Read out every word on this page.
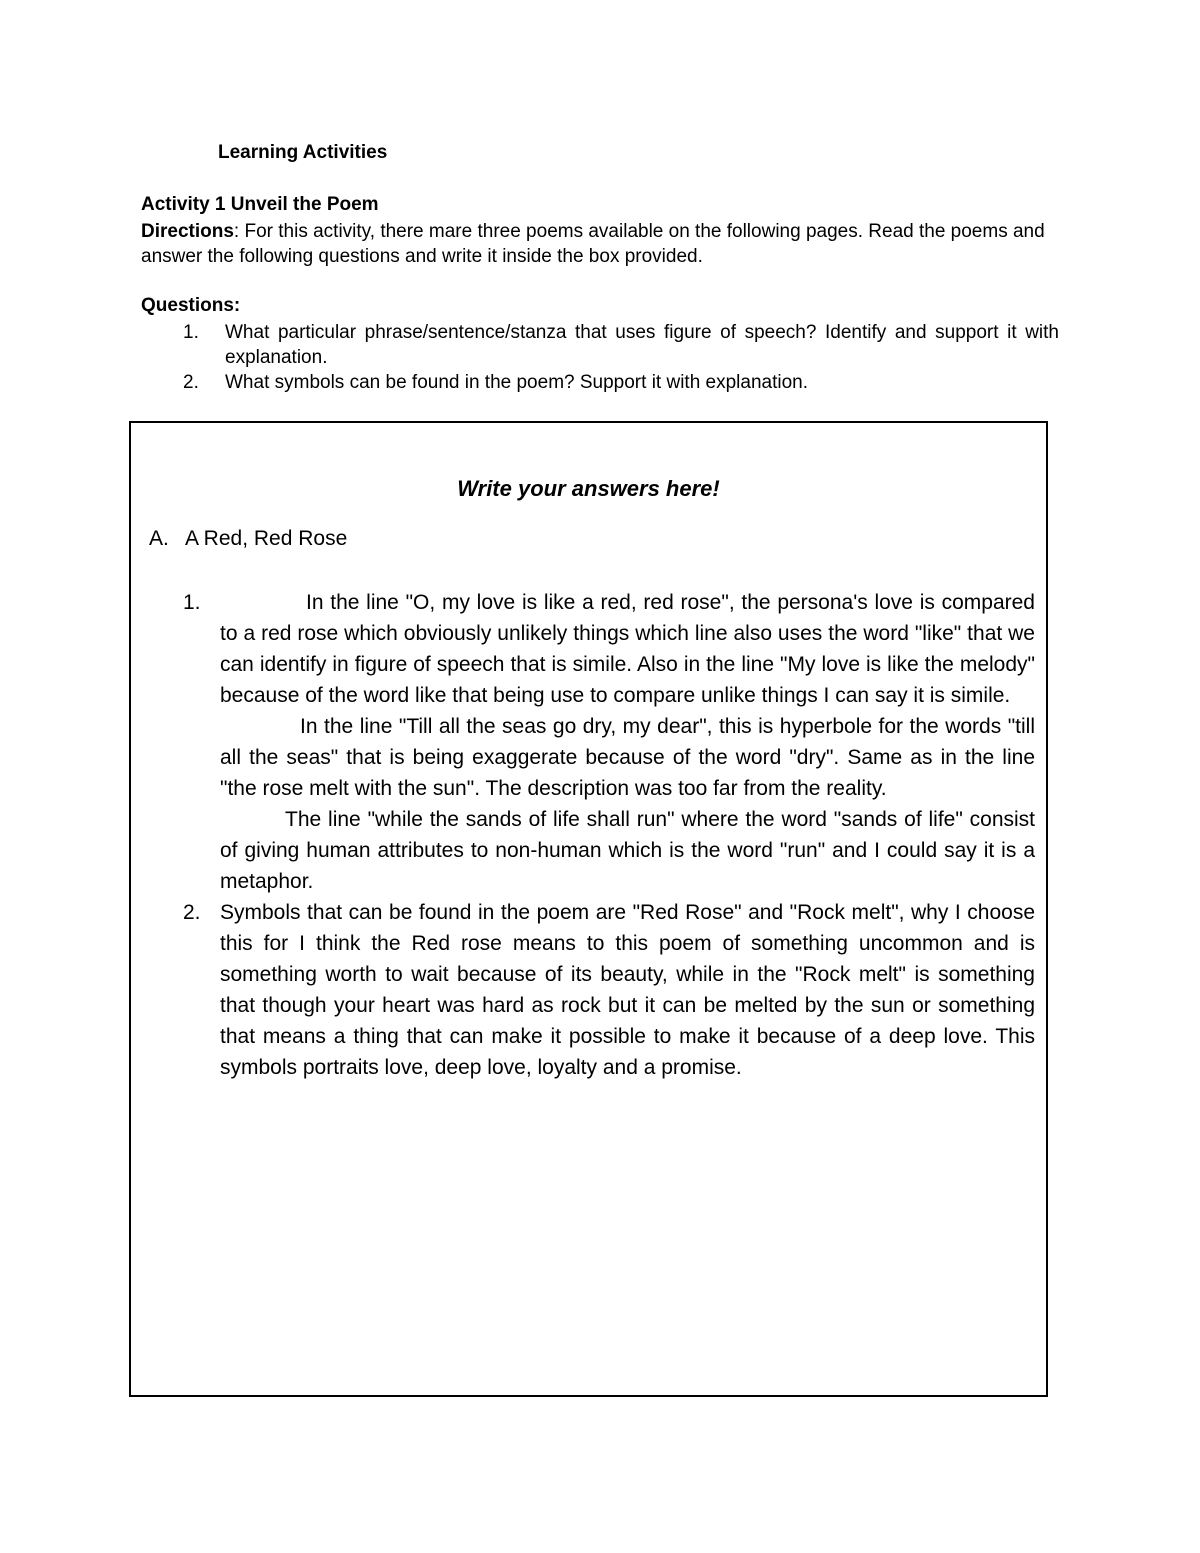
Learning Activities
Activity 1 Unveil the Poem
Directions: For this activity, there mare three poems available on the following pages. Read the poems and answer the following questions and write it inside the box provided.
Questions:
1. What particular phrase/sentence/stanza that uses figure of speech? Identify and support it with explanation.
2. What symbols can be found in the poem? Support it with explanation.
Write your answers here!
A. A Red, Red Rose
1.	In the line "O, my love is like a red, red rose", the persona's love is compared to a red rose which obviously unlikely things which line also uses the word "like" that we can identify in figure of speech that is simile. Also in the line "My love is like the melody" because of the word like that being use to compare unlike things I can say it is simile.

In the line "Till all the seas go dry, my dear", this is hyperbole for the words "till all the seas" that is being exaggerate because of the word "dry". Same as in the line "the rose melt with the sun". The description was too far from the reality.

The line "while the sands of life shall run" where the word "sands of life" consist of giving human attributes to non-human which is the word "run" and I could say it is a metaphor.

2. Symbols that can be found in the poem are "Red Rose" and "Rock melt", why I choose this for I think the Red rose means to this poem of something uncommon and is something worth to wait because of its beauty, while in the "Rock melt" is something that though your heart was hard as rock but it can be melted by the sun or something that means a thing that can make it possible to make it because of a deep love. This symbols portraits love, deep love, loyalty and a promise.
